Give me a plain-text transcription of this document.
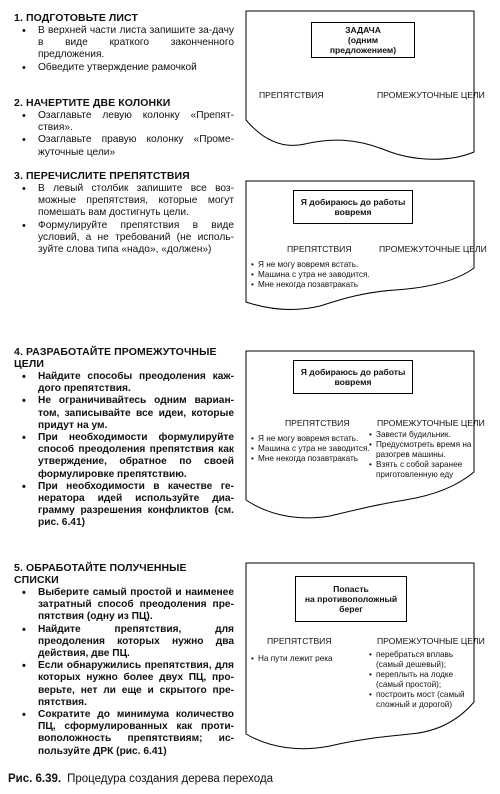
1. ПОДГОТОВЬТЕ ЛИСТ
• В верхней части листа запишите за-дачу в виде краткого законченного предложения.
• Обведите утверждение рамочкой
2. НАЧЕРТИТЕ ДВЕ КОЛОНКИ
• Озаглавьте левую колонку «Препят-ствия».
• Озаглавьте правую колонку «Проме-жуточные цели»
3. ПЕРЕЧИСЛИТЕ ПРЕПЯТСТВИЯ
• В левый столбик запишите все воз-можные препятствия, которые могут помешать вам достигнуть цели.
• Формулируйте препятствия в виде условий, а не требований (не исполь-зуйте слова типа «надо», «должен»)
4. РАЗРАБОТАЙТЕ ПРОМЕЖУТОЧНЫЕ ЦЕЛИ
• Найдите способы преодоления каж-дого препятствия.
• Не ограничивайтесь одним вариан-том, записывайте все идеи, которые придут на ум.
• При необходимости формулируйте способ преодоления препятствия как утверждение, обратное по своей формулировке препятствию.
• При необходимости в качестве ге-нератора идей используйте диа-грамму разрешения конфликтов (см. рис. 6.41)
5. ОБРАБОТАЙТЕ ПОЛУЧЕННЫЕ СПИСКИ
• Выберите самый простой и наименее затратный способ преодоления пре-пятствия (одну из ПЦ).
• Найдите препятствия, для преодоления которых нужно два действия, две ПЦ.
• Если обнаружились препятствия, для которых нужно более двух ПЦ, про-верьте, нет ли еще и скрытого пре-пятствия.
• Сократите до минимума количество ПЦ, сформулированных как проти-воположность препятствиям; ис-пользуйте ДРК (рис. 6.41)
ЗАДАЧА
(одним предложением)
ПРЕПЯТСТВИЯ	ПРОМЕЖУТОЧНЫЕ ЦЕЛИ
Я добираюсь до работы
вовремя
ПРЕПЯТСТВИЯ	ПРОМЕЖУТОЧНЫЕ ЦЕЛИ
• Я не могу вовремя встать.
• Машина с утра не заводится.
• Мне некогда позавтракать
Я добираюсь до работы
вовремя
ПРЕПЯТСТВИЯ	ПРОМЕЖУТОЧНЫЕ ЦЕЛИ
• Я не могу вовремя встать.
• Машина с утра не заводится.
• Мне некогда позавтракать
• Завести будильник.
• Предусмотреть время на разогрев машины.
• Взять с собой заранее приготовленную еду
Попасть
на противоположный
берег
ПРЕПЯТСТВИЯ	ПРОМЕЖУТОЧНЫЕ ЦЕЛИ
• На пути лежит река
•	перебраться вплавь (самый дешевый);
• переплыть на лодке (самый простой);
• построить мост (самый сложный и дорогой)
Рис. 6.39. Процедура создания дерева перехода
